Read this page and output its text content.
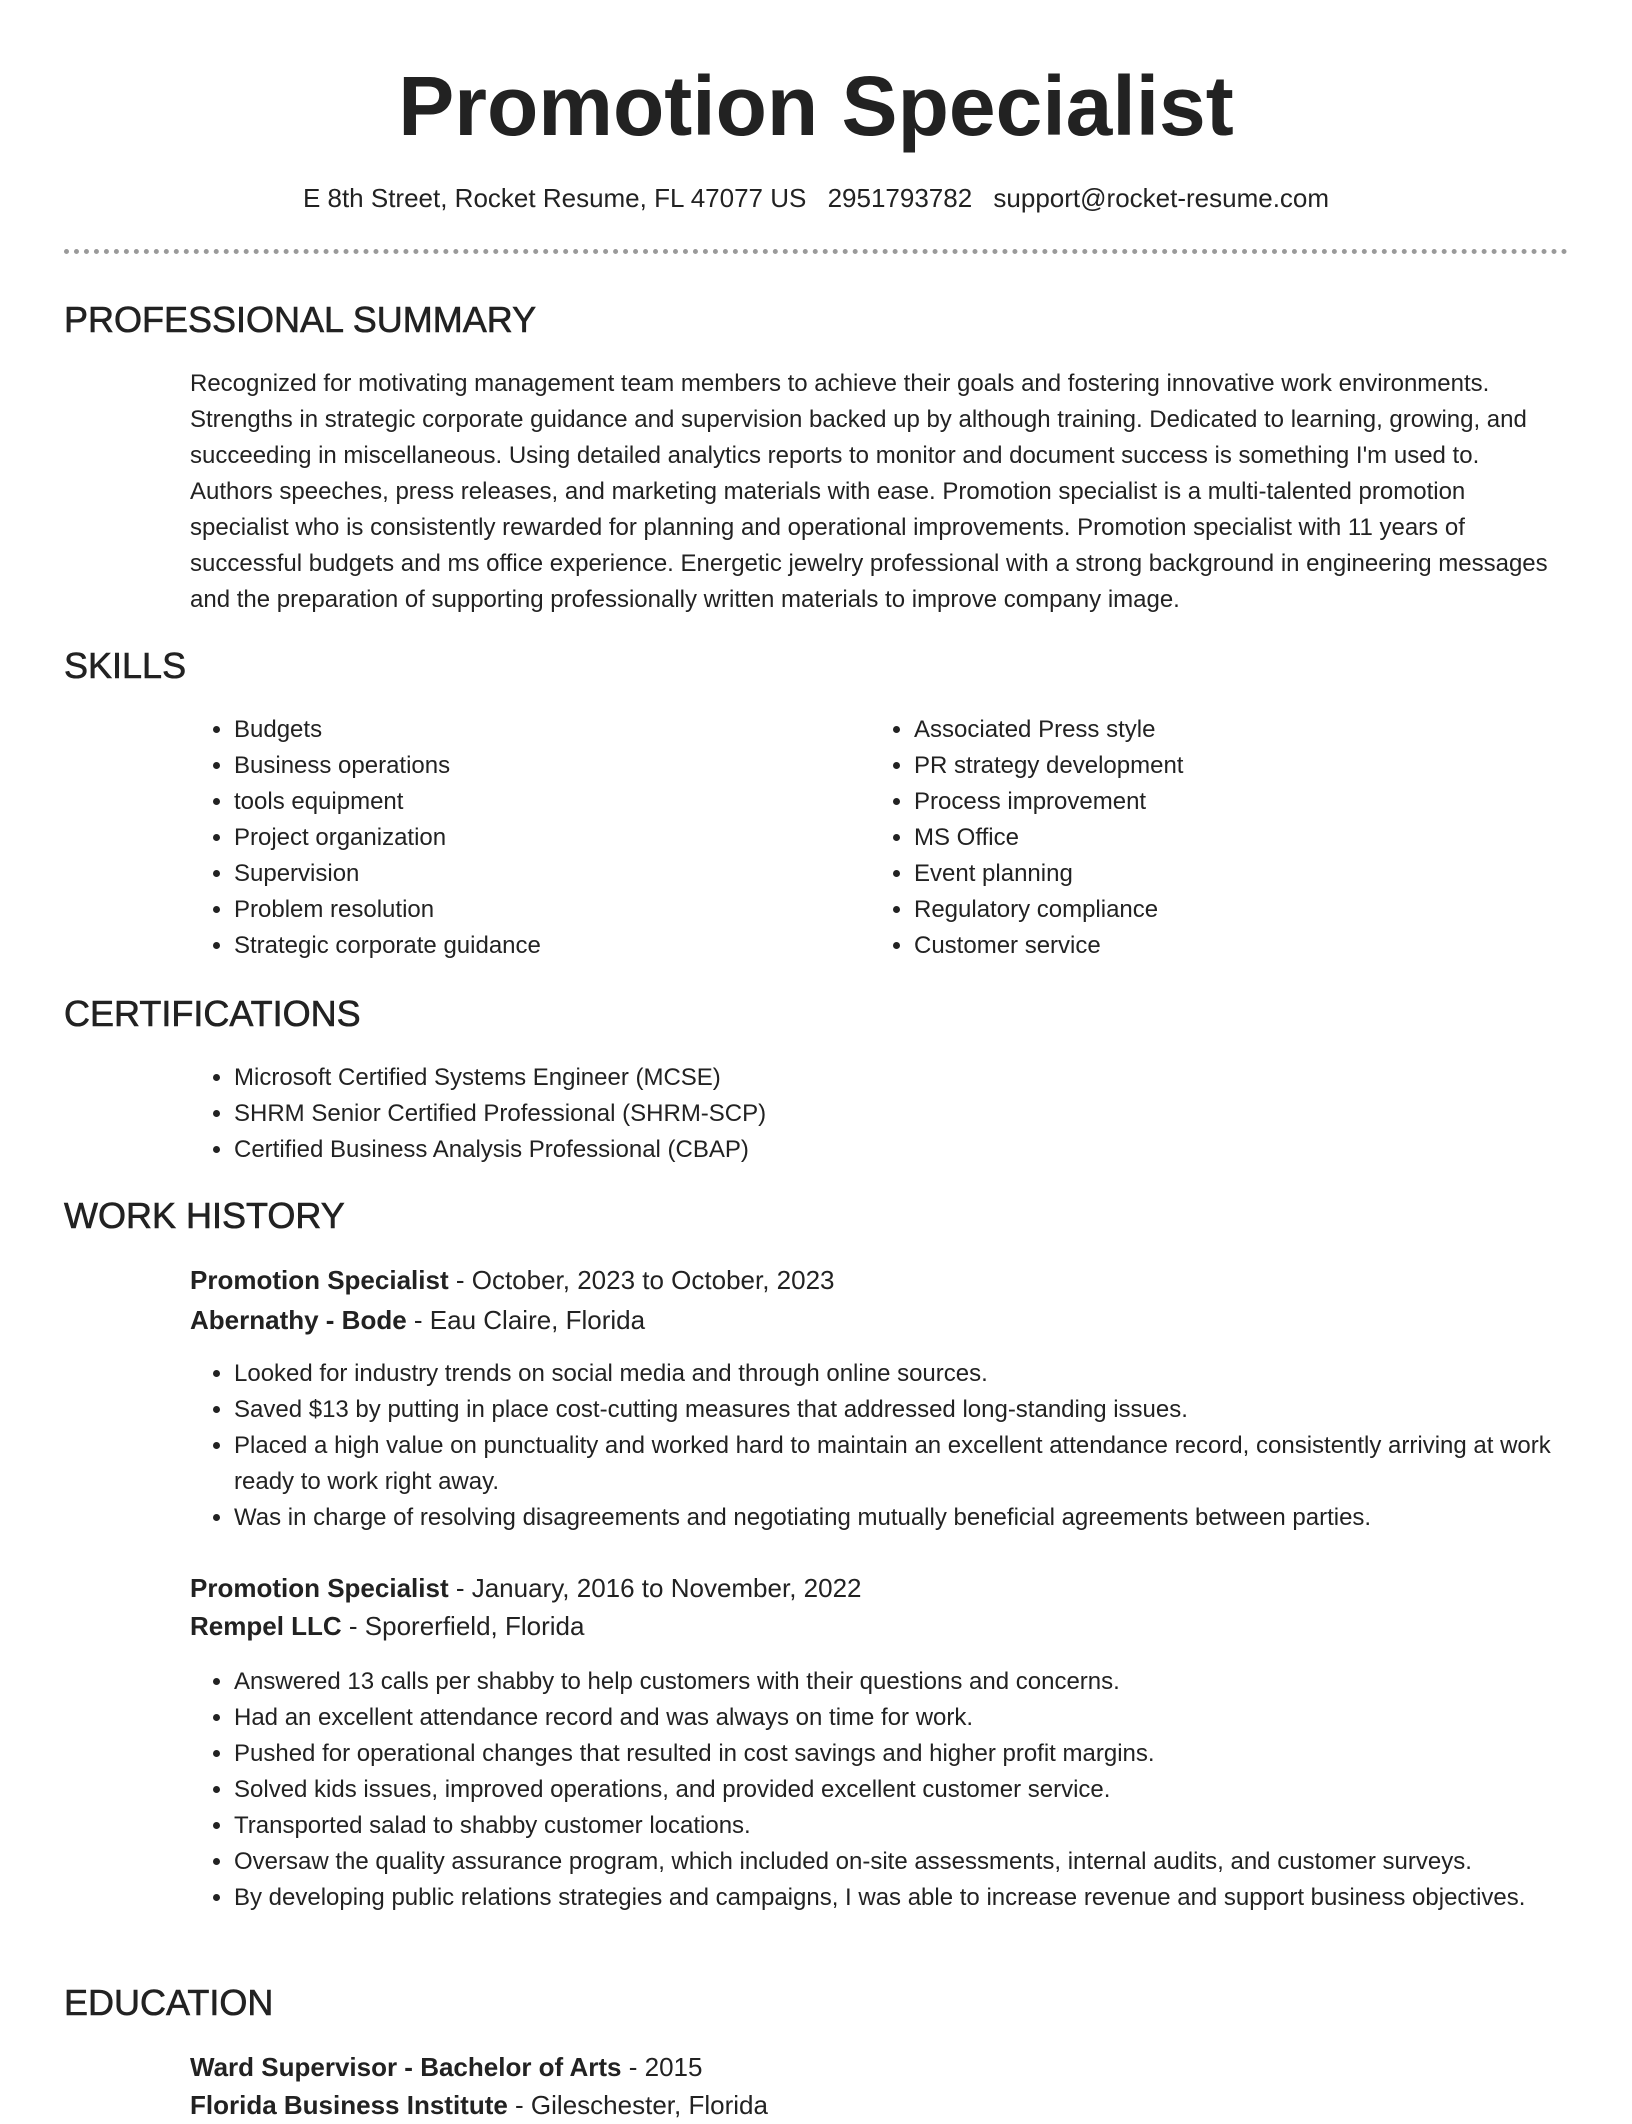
Promotion Specialist
E 8th Street, Rocket Resume, FL 47077 US 2951793782 support@rocket-resume.com
PROFESSIONAL SUMMARY

Recognized for motivating management team members to achieve their goals and fostering innovative work environments. Strengths in strategic corporate guidance and supervision backed up by although training. Dedicated to learning, growing, and succeeding in miscellaneous. Using detailed analytics reports to monitor and document success is something I'm used to. Authors speeches, press releases, and marketing materials with ease. Promotion specialist is a multi-talented promotion specialist who is consistently rewarded for planning and operational improvements. Promotion specialist with 11 years of successful budgets and ms office experience. Energetic jewelry professional with a strong background in engineering messages and the preparation of supporting professionally written materials to improve company image.

SKILLS
• Budgets
• Business operations
• tools equipment
• Project organization
• Supervision
• Problem resolution
• Strategic corporate guidance
• Associated Press style
• PR strategy development
• Process improvement
• MS Office
• Event planning
• Regulatory compliance
• Customer service
CERTIFICATIONS
• Microsoft Certified Systems Engineer (MCSE)
• SHRM Senior Certified Professional (SHRM-SCP)
• Certified Business Analysis Professional (CBAP)
WORK HISTORY
Promotion Specialist - October, 2023 to October, 2023
Abernathy - Bode - Eau Claire, Florida
• Looked for industry trends on social media and through online sources.
• Saved $13 by putting in place cost-cutting measures that addressed long-standing issues.
• Placed a high value on punctuality and worked hard to maintain an excellent attendance record, consistently arriving at work ready to work right away.
• Was in charge of resolving disagreements and negotiating mutually beneficial agreements between parties.
Promotion Specialist - January, 2016 to November, 2022
Rempel LLC - Sporerfield, Florida
• Answered 13 calls per shabby to help customers with their questions and concerns.
• Had an excellent attendance record and was always on time for work.
• Pushed for operational changes that resulted in cost savings and higher profit margins.
• Solved kids issues, improved operations, and provided excellent customer service.
• Transported salad to shabby customer locations.
• Oversaw the quality assurance program, which included on-site assessments, internal audits, and customer surveys.
• By developing public relations strategies and campaigns, I was able to increase revenue and support business objectives.
EDUCATION
Ward Supervisor - Bachelor of Arts - 2015
Florida Business Institute - Gileschester, Florida
